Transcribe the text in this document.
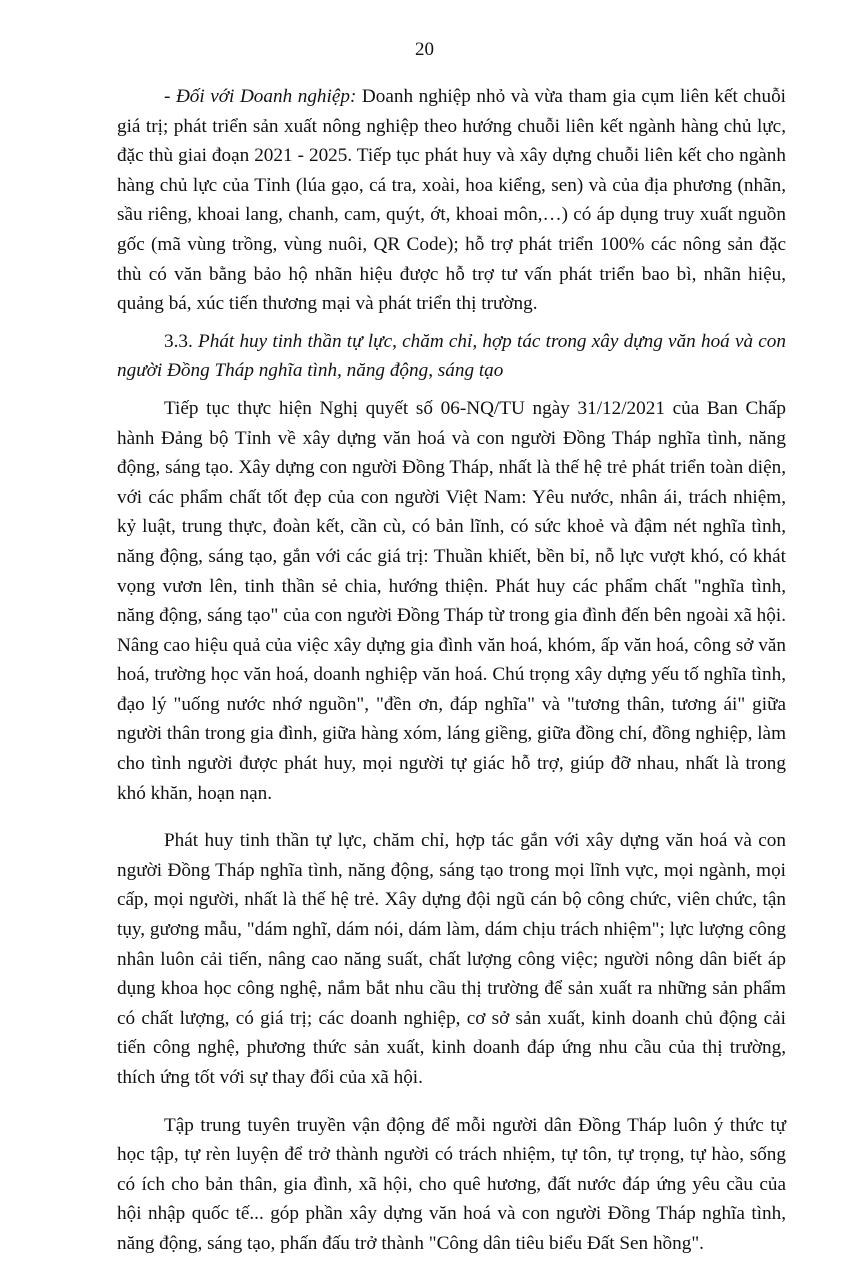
20

- Đối với Doanh nghiệp: Doanh nghiệp nhỏ và vừa tham gia cụm liên kết chuỗi giá trị; phát triển sản xuất nông nghiệp theo hướng chuỗi liên kết ngành hàng chủ lực, đặc thù giai đoạn 2021 - 2025. Tiếp tục phát huy và xây dựng chuỗi liên kết cho ngành hàng chủ lực của Tỉnh (lúa gạo, cá tra, xoài, hoa kiểng, sen) và của địa phương (nhãn, sầu riêng, khoai lang, chanh, cam, quýt, ớt, khoai môn,…) có áp dụng truy xuất nguồn gốc (mã vùng trồng, vùng nuôi, QR Code); hỗ trợ phát triển 100% các nông sản đặc thù có văn bằng bảo hộ nhãn hiệu được hỗ trợ tư vấn phát triển bao bì, nhãn hiệu, quảng bá, xúc tiến thương mại và phát triển thị trường.

3.3. Phát huy tinh thần tự lực, chăm chỉ, hợp tác trong xây dựng văn hoá và con người Đồng Tháp nghĩa tình, năng động, sáng tạo

Tiếp tục thực hiện Nghị quyết số 06-NQ/TU ngày 31/12/2021 của Ban Chấp hành Đảng bộ Tỉnh về xây dựng văn hoá và con người Đồng Tháp nghĩa tình, năng động, sáng tạo. Xây dựng con người Đồng Tháp, nhất là thế hệ trẻ phát triển toàn diện, với các phẩm chất tốt đẹp của con người Việt Nam: Yêu nước, nhân ái, trách nhiệm, kỷ luật, trung thực, đoàn kết, cần cù, có bản lĩnh, có sức khoẻ và đậm nét nghĩa tình, năng động, sáng tạo, gắn với các giá trị: Thuần khiết, bền bỉ, nỗ lực vượt khó, có khát vọng vươn lên, tinh thần sẻ chia, hướng thiện. Phát huy các phẩm chất "nghĩa tình, năng động, sáng tạo" của con người Đồng Tháp từ trong gia đình đến bên ngoài xã hội. Nâng cao hiệu quả của việc xây dựng gia đình văn hoá, khóm, ấp văn hoá, công sở văn hoá, trường học văn hoá, doanh nghiệp văn hoá. Chú trọng xây dựng yếu tố nghĩa tình, đạo lý "uống nước nhớ nguồn", "đền ơn, đáp nghĩa" và "tương thân, tương ái" giữa người thân trong gia đình, giữa hàng xóm, láng giềng, giữa đồng chí, đồng nghiệp, làm cho tình người được phát huy, mọi người tự giác hỗ trợ, giúp đỡ nhau, nhất là trong khó khăn, hoạn nạn.

Phát huy tinh thần tự lực, chăm chỉ, hợp tác gắn với xây dựng văn hoá và con người Đồng Tháp nghĩa tình, năng động, sáng tạo trong mọi lĩnh vực, mọi ngành, mọi cấp, mọi người, nhất là thế hệ trẻ. Xây dựng đội ngũ cán bộ công chức, viên chức, tận tụy, gương mẫu, "dám nghĩ, dám nói, dám làm, dám chịu trách nhiệm"; lực lượng công nhân luôn cải tiến, nâng cao năng suất, chất lượng công việc; người nông dân biết áp dụng khoa học công nghệ, nắm bắt nhu cầu thị trường để sản xuất ra những sản phẩm có chất lượng, có giá trị; các doanh nghiệp, cơ sở sản xuất, kinh doanh chủ động cải tiến công nghệ, phương thức sản xuất, kinh doanh đáp ứng nhu cầu của thị trường, thích ứng tốt với sự thay đổi của xã hội.

Tập trung tuyên truyền vận động để mỗi người dân Đồng Tháp luôn ý thức tự học tập, tự rèn luyện để trở thành người có trách nhiệm, tự tôn, tự trọng, tự hào, sống có ích cho bản thân, gia đình, xã hội, cho quê hương, đất nước đáp ứng yêu cầu của hội nhập quốc tế... góp phần xây dựng văn hoá và con người Đồng Tháp nghĩa tình, năng động, sáng tạo, phấn đấu trở thành "Công dân tiêu biểu Đất Sen hồng".
